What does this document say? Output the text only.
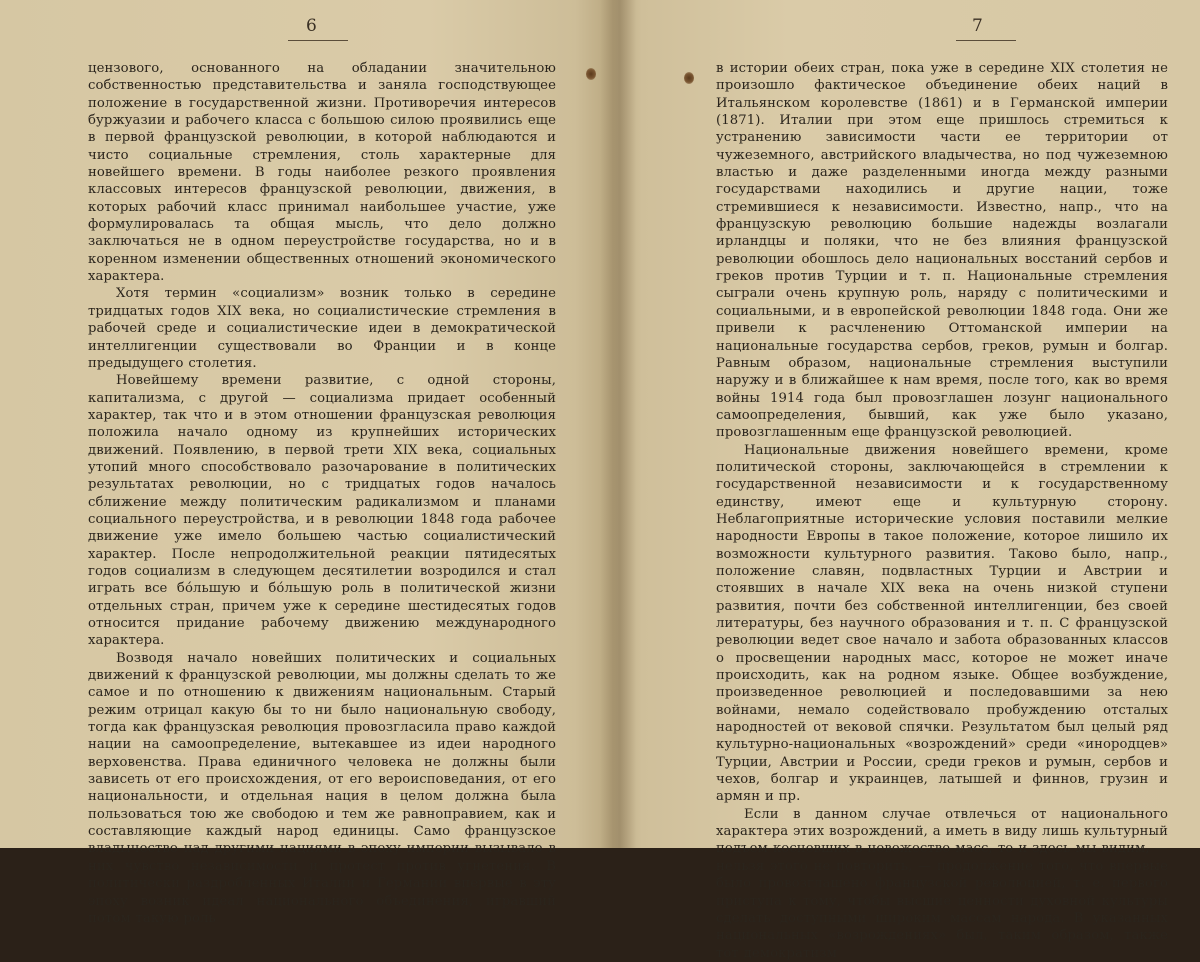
6

цензового, основанного на обладании значительною собственностью представительства и заняла господствующее положение в государственной жизни. Противоречия интересов буржуазии и рабочего класса с большою силою проявились еще в первой французской революции, в которой наблюдаются и чисто социальные стремления, столь характерные для новейшего времени. В годы наиболее резкого проявления классовых интересов французской революции, движения, в которых рабочий класс принимал наибольшее участие, уже формулировалась та общая мысль, что дело должно заключаться не в одном переустройстве государства, но и в коренном изменении общественных отношений экономического характера.

Хотя термин «социализм» возник только в середине тридцатых годов XIX века, но социалистические стремления в рабочей среде и социалистические идеи в демократической интеллигенции существовали во Франции и в конце предыдущего столетия.

Новейшему времени развитие, с одной стороны, капитализма, с другой — социализма придает особенный характер, так что и в этом отношении французская революция положила начало одному из крупнейших исторических движений. Появлению, в первой трети XIX века, социальных утопий много способствовало разочарование в политических результатах революции, но с тридцатых годов началось сближение между политическим радикализмом и планами социального переустройства, и в революции 1848 года рабочее движение уже имело большею частью социалистический характер. После непродолжительной реакции пятидесятых годов социализм в следующем десятилетии возродился и стал играть все бо́льшую и бо́льшую роль в политической жизни отдельных стран, причем уже к середине шестидесятых годов относится придание рабочему движению международного характера.

Возводя начало новейших политических и социальных движений к французской революции, мы должны сделать то же самое и по отношению к движениям национальным. Старый режим отрицал какую бы то ни было национальную свободу, тогда как французская революция провозгласила право каждой нации на самоопределение, вытекавшее из идеи народного верховенства. Права единичного человека не должны были зависеть от его происхождения, от его вероисповедания, от его национальности, и отдельная нация в целом должна была пользоваться тою же свободою и тем же равноправием, как и составляющие каждый народ единицы. Само французское владычество над другими нациями в эпоху империи вызывало в них чувство независимости и протест против угнетения. В политически раздробленных Италии и Германии впервые в эту эпоху возник идеал национального объединения, игравший потом такую роль

7

в истории обеих стран, пока уже в середине XIX столетия не произошло фактическое объединение обеих наций в Итальянском королевстве (1861) и в Германской империи (1871). Италии при этом еще пришлось стремиться к устранению зависимости части ее территории от чужеземного, австрийского владычества, но под чужеземною властью и даже разделенными иногда между разными государствами находились и другие нации, тоже стремившиеся к независимости. Известно, напр., что на французскую революцию большие надежды возлагали ирландцы и поляки, что не без влияния французской революции обошлось дело национальных восстаний сербов и греков против Турции и т. п. Национальные стремления сыграли очень крупную роль, наряду с политическими и социальными, и в европейской революции 1848 года. Они же привели к расчленению Оттоманской империи на национальные государства сербов, греков, румын и болгар. Равным образом, национальные стремления выступили наружу и в ближайшее к нам время, после того, как во время войны 1914 года был провозглашен лозунг национального самоопределения, бывший, как уже было указано, провозглашенным еще французской революцией.

Национальные движения новейшего времени, кроме политической стороны, заключающейся в стремлении к государственной независимости и к государственному единству, имеют еще и культурную сторону. Неблагоприятные исторические условия поставили мелкие народности Европы в такое положение, которое лишило их возможности культурного развития. Таково было, напр., положение славян, подвластных Турции и Австрии и стоявших в начале XIX века на очень низкой ступени развития, почти без собственной интеллигенции, без своей литературы, без научного образования и т. п. С французской революции ведет свое начало и забота образованных классов о просвещении народных масс, которое не может иначе происходить, как на родном языке. Общее возбуждение, произведенное революцией и последовавшими за нею войнами, немало содействовало пробуждению отсталых народностей от вековой спячки. Результатом был целый ряд культурно-национальных «возрождений» среди «инородцев» Турции, Австрии и России, среди греков и румын, сербов и чехов, болгар и украинцев, латышей и финнов, грузин и армян и пр.

Если в данном случае отвлечься от национального характера этих возрождений, а иметь в виду лишь культурный подъем косневших в невежестве масс, то и здесь мы видим, — нельзя этого не повторить, — продолжение того, что впервые было провозглашено французской революцией, т. е. первого приступа к тому, чтобы высшие ценности духовной культуры сделать доступными широким массам народа. В указанных национальных «возрождениях» был, таким образом, также тот демократизм
